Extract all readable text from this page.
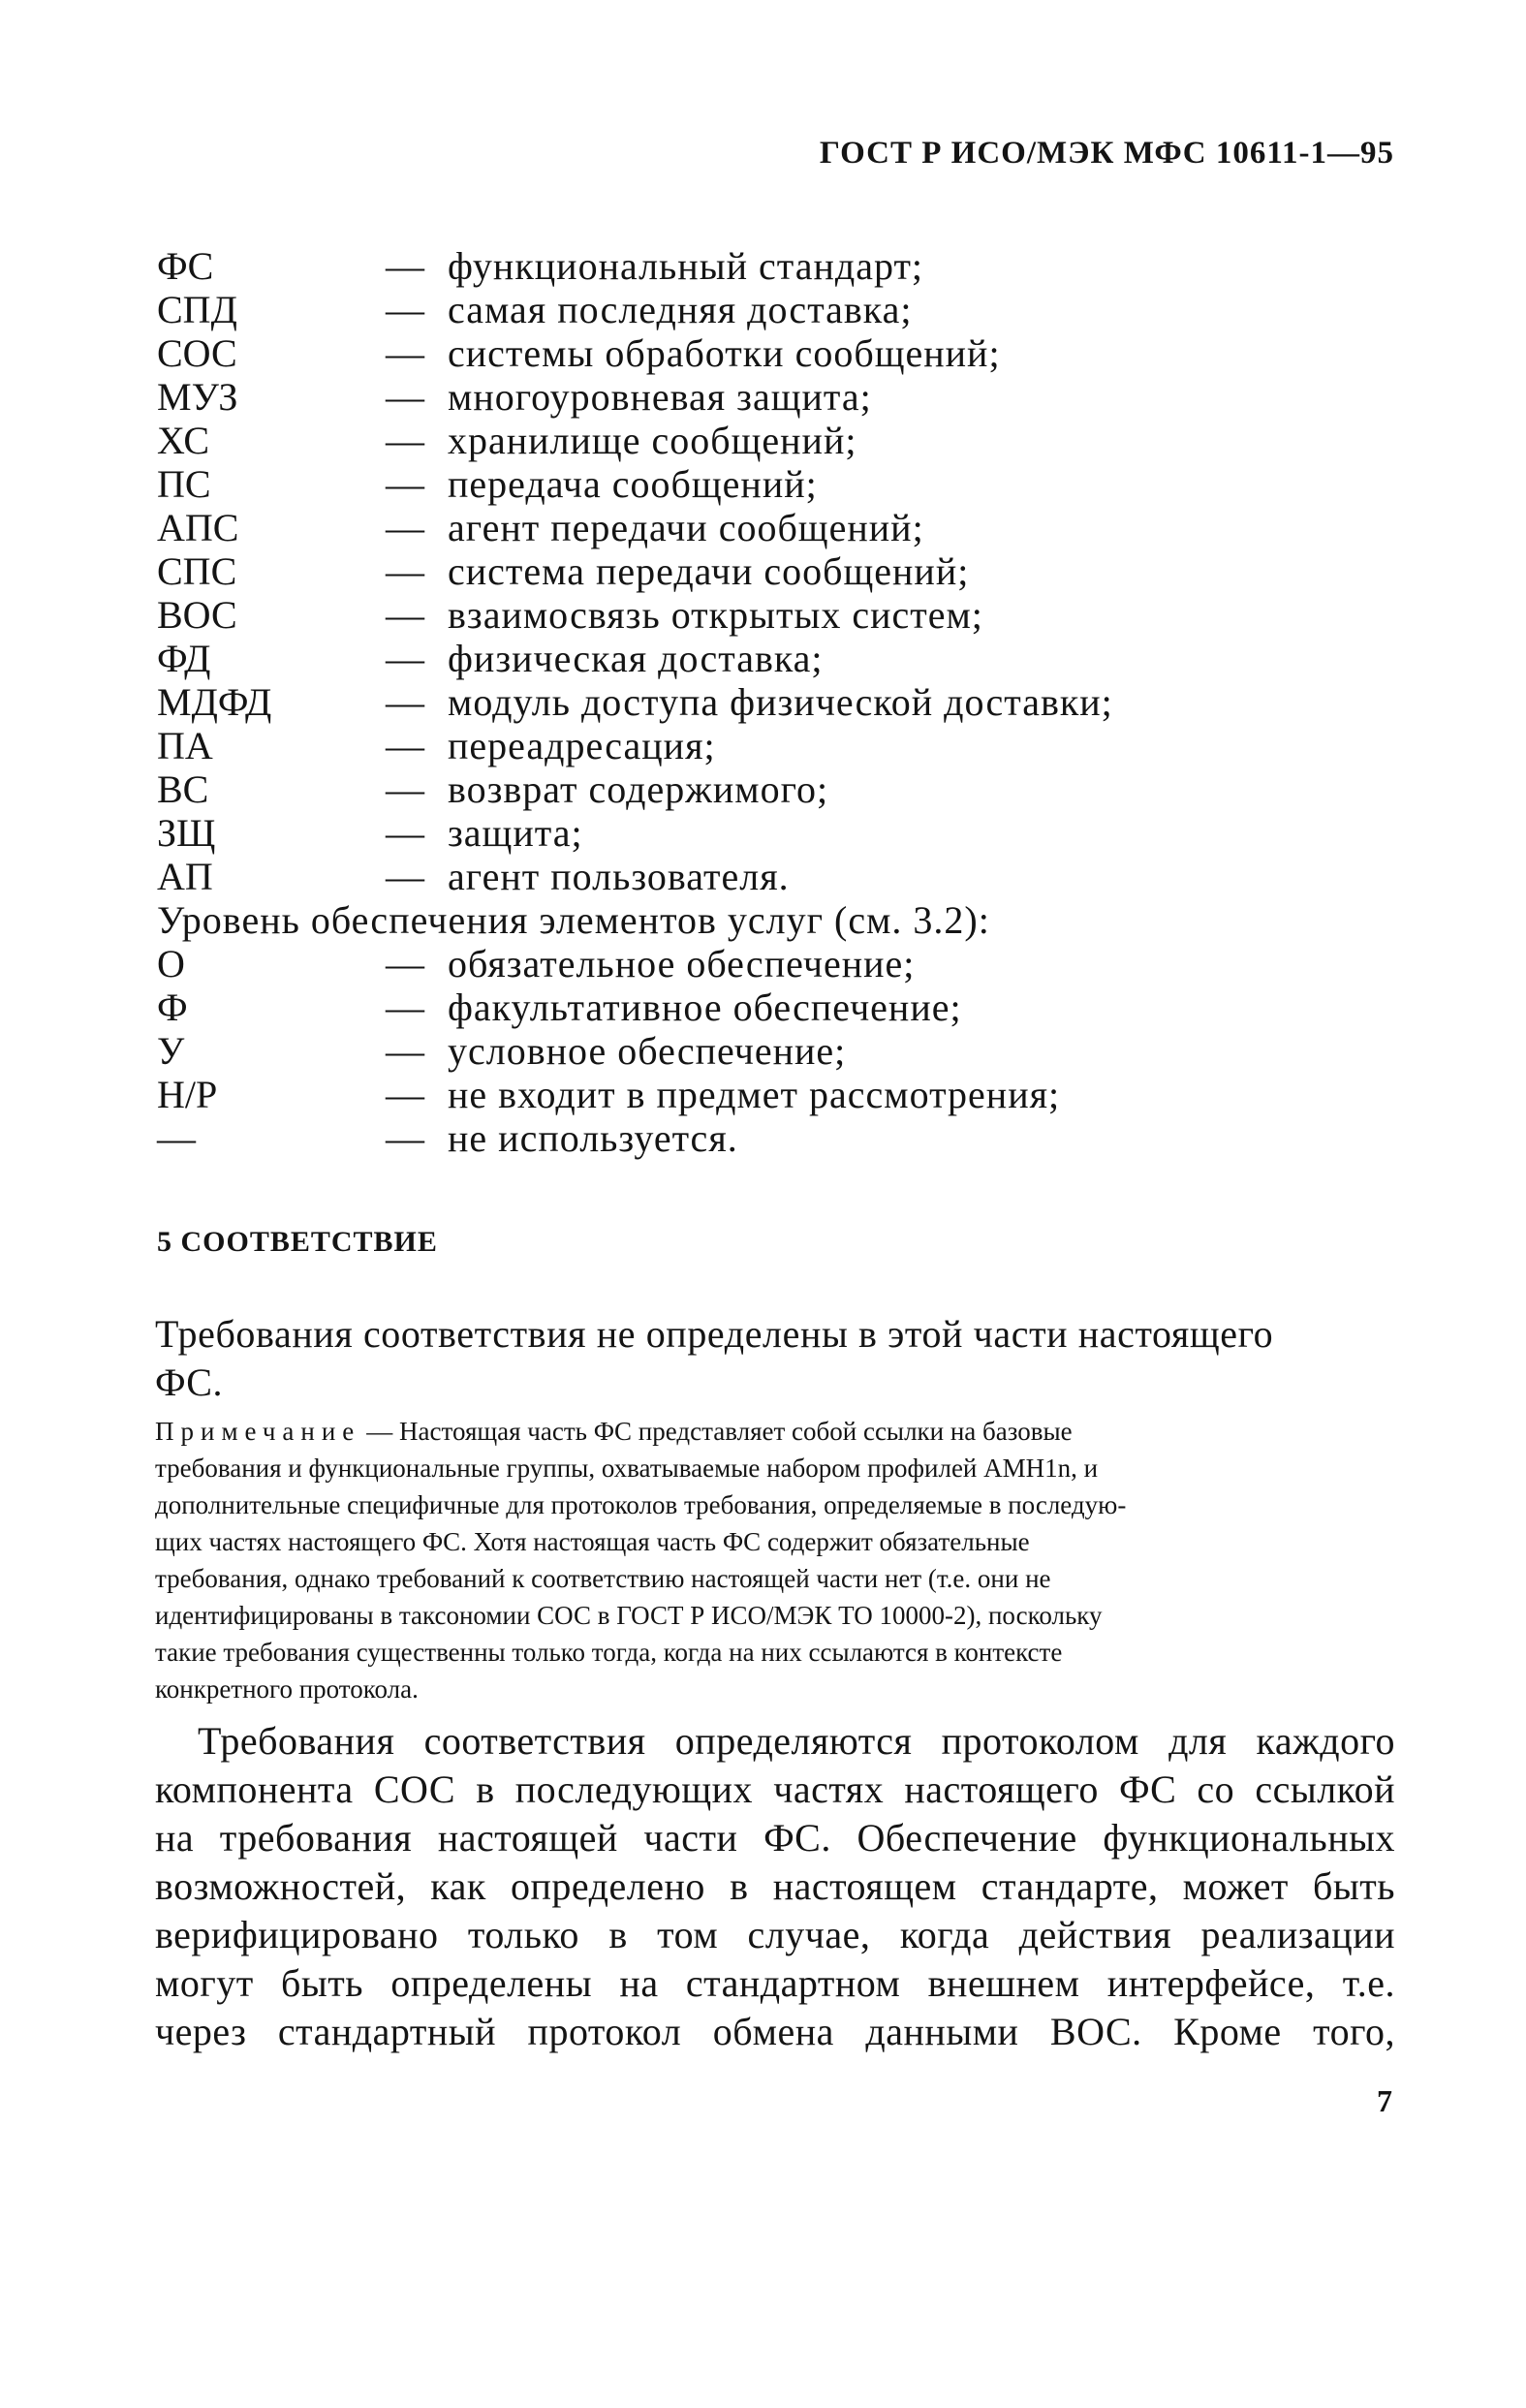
ГОСТ Р ИСО/МЭК МФС 10611-1—95
ФС	— функциональный стандарт;
СПД	— самая последняя доставка;
СОС	— системы обработки сообщений;
МУЗ	— многоуровневая защита;
ХС	— хранилище сообщений;
ПС	— передача сообщений;
АПС	— агент передачи сообщений;
СПС	— система передачи сообщений;
ВОС	— взаимосвязь открытых систем;
ФД	— физическая доставка;
МДФД	— модуль доступа физической доставки;
ПА	— переадресация;
ВС	— возврат содержимого;
ЗЩ	— защита;
АП	— агент пользователя.
Уровень обеспечения элементов услуг (см. 3.2):
О	— обязательное обеспечение;
Ф	— факультативное обеспечение;
У	— условное обеспечение;
Н/Р	— не входит в предмет рассмотрения;
—	— не используется.
5 СООТВЕТСТВИЕ
Требования соответствия не определены в этой части настоящего
ФС.
Примечание — Настоящая часть ФС представляет собой ссылки на базовые
требования и функциональные группы, охватываемые набором профилей АМН1n, и
дополнительные специфичные для протоколов требования, определяемые в последую-
щих частях настоящего ФС. Хотя настоящая часть ФС содержит обязательные
требования, однако требований к соответствию настоящей части нет (т.е. они не
идентифицированы в таксономии СОС в ГОСТ Р ИСО/МЭК ТО 10000-2), поскольку
такие требования существенны только тогда, когда на них ссылаются в контексте
конкретного протокола.
Требования соответствия определяются протоколом для каждого
компонента СОС в последующих частях настоящего ФС со ссылкой
на требования настоящей части ФС. Обеспечение функциональных
возможностей, как определено в настоящем стандарте, может быть
верифицировано только в том случае, когда действия реализации
могут быть определены на стандартном внешнем интерфейсе, т.е.
через стандартный протокол обмена данными ВОС. Кроме того,
7
